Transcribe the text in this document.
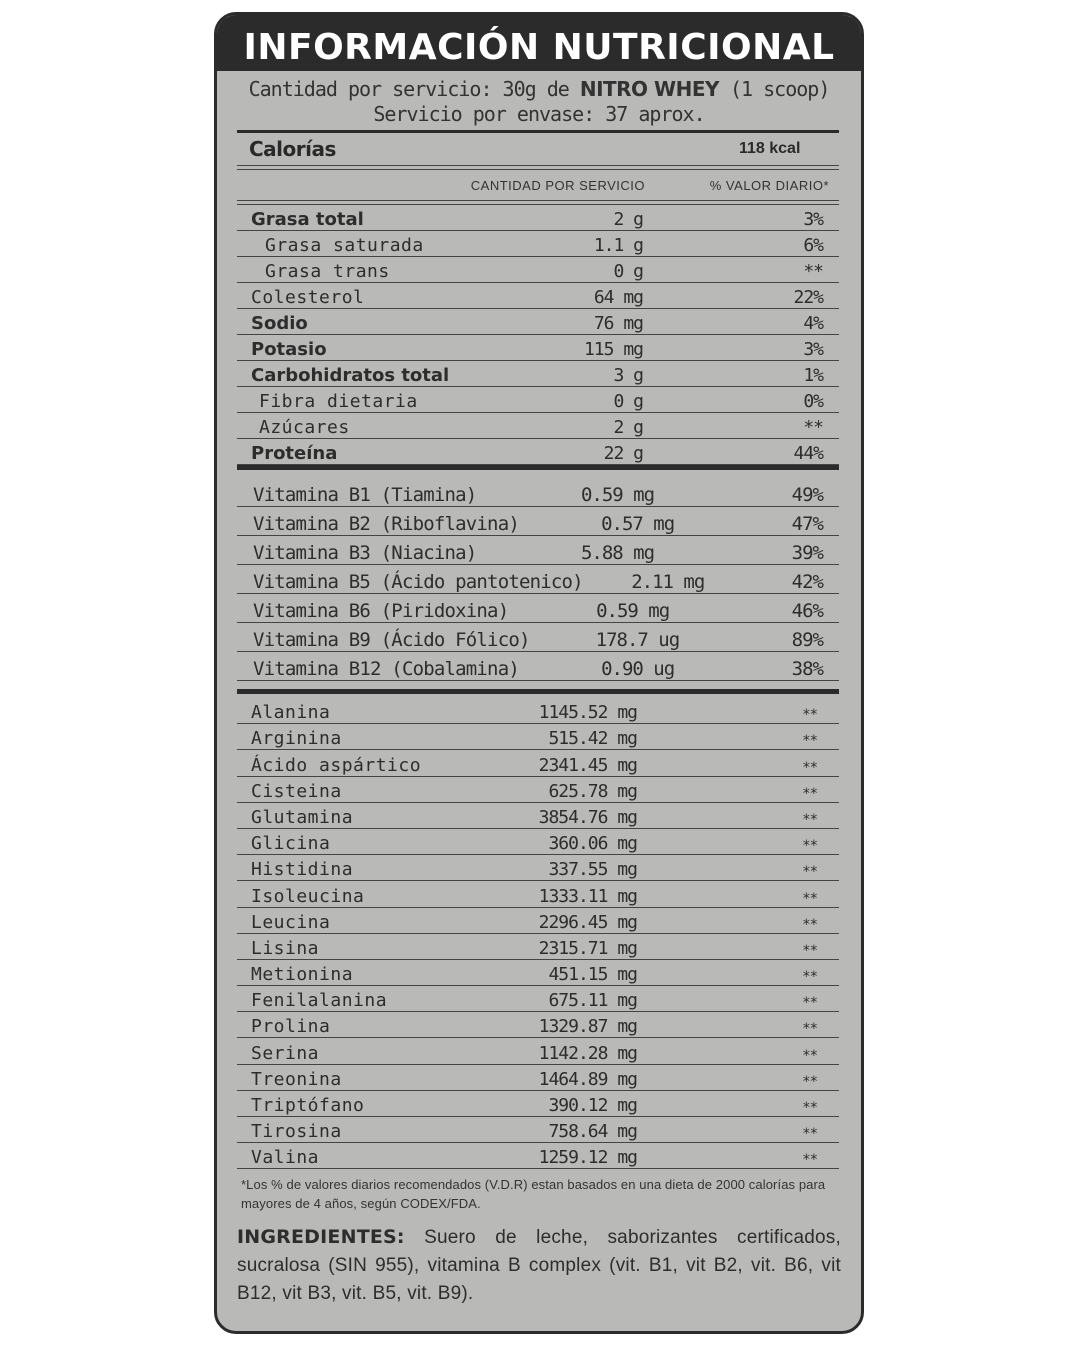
INFORMACIÓN NUTRICIONAL
Cantidad por servicio: 30g de NITRO WHEY (1 scoop)
Servicio por envase: 37 aprox.
Calorías	118 kcal
CANTIDAD POR SERVICIO	% VALOR DIARIO*
Grasa total	2 g	3%
Grasa saturada	1.1 g	6%
Grasa trans	0 g	**
Colesterol	64 mg	22%
Sodio	76 mg	4%
Potasio	115 mg	3%
Carbohidratos total	3 g	1%
Fibra dietaria	0 g	0%
Azúcares	2 g	**
Proteína	22 g	44%
Vitamina B1 (Tiamina)	0.59 mg	49%
Vitamina B2 (Riboflavina)	0.57 mg	47%
Vitamina B3 (Niacina)	5.88 mg	39%
Vitamina B5 (Ácido pantotenico)	2.11 mg	42%
Vitamina B6 (Piridoxina)	0.59 mg	46%
Vitamina B9 (Ácido Fólico)	178.7 ug	89%
Vitamina B12 (Cobalamina)	0.90 ug	38%
Alanina	1145.52 mg	**
Arginina	515.42 mg	**
Ácido aspártico	2341.45 mg	**
Cisteina	625.78 mg	**
Glutamina	3854.76 mg	**
Glicina	360.06 mg	**
Histidina	337.55 mg	**
Isoleucina	1333.11 mg	**
Leucina	2296.45 mg	**
Lisina	2315.71 mg	**
Metionina	451.15 mg	**
Fenilalanina	675.11 mg	**
Prolina	1329.87 mg	**
Serina	1142.28 mg	**
Treonina	1464.89 mg	**
Triptófano	390.12 mg	**
Tirosina	758.64 mg	**
Valina	1259.12 mg	**
*Los % de valores diarios recomendados (V.D.R) estan basados en una dieta de 2000 calorías para mayores de 4 años, según CODEX/FDA.
INGREDIENTES: Suero de leche, saborizantes certificados, sucralosa (SIN 955), vitamina B complex (vit. B1, vit B2, vit. B6, vit B12, vit B3, vit. B5, vit. B9).
